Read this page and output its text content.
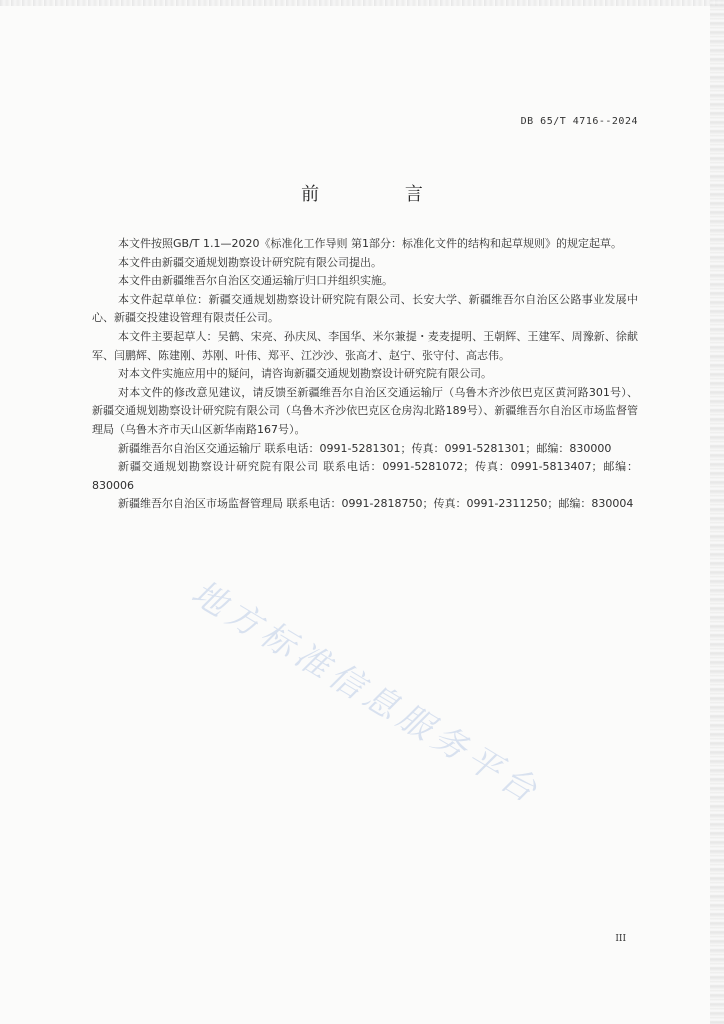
DB 65/T 4716--2024
前 言

本文件按照GB/T 1.1—2020《标准化工作导则 第1部分：标准化文件的结构和起草规则》的规定起草。

本文件由新疆交通规划勘察设计研究院有限公司提出。

本文件由新疆维吾尔自治区交通运输厅归口并组织实施。

本文件起草单位：新疆交通规划勘察设计研究院有限公司、长安大学、新疆维吾尔自治区公路事业发展中心、新疆交投建设管理有限责任公司。

本文件主要起草人：吴鹤、宋亮、孙庆凤、李国华、米尔兼提・麦麦提明、王朝辉、王建军、周豫新、徐献军、闫鹏辉、陈建刚、苏刚、叶伟、郑平、江沙沙、张高才、赵宁、张守付、高志伟。

对本文件实施应用中的疑问，请咨询新疆交通规划勘察设计研究院有限公司。

对本文件的修改意见建议，请反馈至新疆维吾尔自治区交通运输厅（乌鲁木齐沙依巴克区黄河路301号）、新疆交通规划勘察设计研究院有限公司（乌鲁木齐沙依巴克区仓房沟北路189号）、新疆维吾尔自治区市场监督管理局（乌鲁木齐市天山区新华南路167号）。

新疆维吾尔自治区交通运输厅 联系电话：0991-5281301；传真：0991-5281301；邮编：830000

新疆交通规划勘察设计研究院有限公司 联系电话：0991-5281072；传真：0991-5813407；邮编：830006

新疆维吾尔自治区市场监督管理局 联系电话：0991-2818750；传真：0991-2311250；邮编：830004

地方标准信息服务平台
III
